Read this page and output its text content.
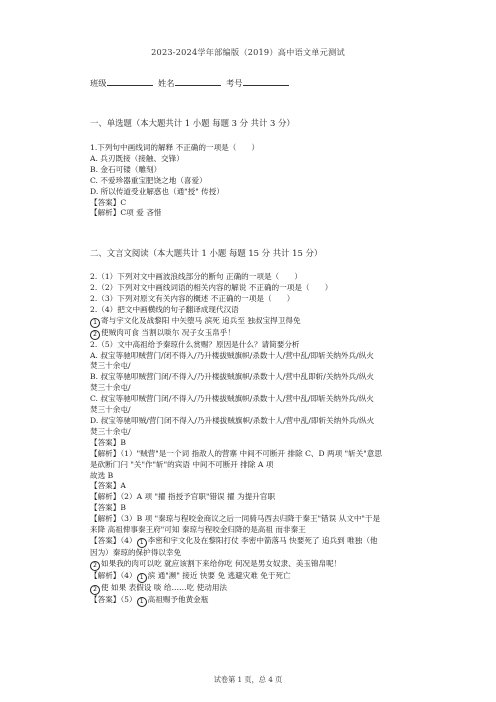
2023-2024学年部编版（2019）高中语文单元测试
班级	姓名	考号
一、单选题（本大题共计 1 小题 每题 3 分 共计 3 分）
1.下列句中画线词的解释 不正确的一项是（　　）
A. 兵刃既接（接触、交锋）
B. 金石可镂（雕刻）
C. 不爱珍器重宝肥饶之地（喜爱）
D. 所以传道受业解惑也（通"授" 传授）
【答案】C
【解析】C项 爱 吝惜
二、文言文阅读（本大题共计 1 小题 每题 15 分 共计 15 分）
2.（1）下列对文中画波浪线部分的断句 正确的一项是（　　）
2.（2）下列对文中画线词语的相关内容的解说 不正确的一项是（　　）
2.（3）下列对原文有关内容的概述 不正确的一项是（　　）
2.（4）把文中画横线的句子翻译成现代汉语
1 寄与宇文化及战黎阳 中矢堕马 滨死 追兵至 独叔宝捍卫得免
2 使贼肉可食 当割以啖尔 况子女玉帛乎！
2.（5）文中高祖给予秦琼什么赏赐？原因是什么？请简要分析
A. 叔宝等驰叩贼营门/闭不得入/乃升楼拔贼旗帜/杀数十人/营中乱/即斩关纳外兵/纵火
焚三十余屯/
B. 叔宝等驰叩贼营门闭/不得入/乃升楼拔贼旗帜/杀数十人/营中乱即斩/关纳外兵/纵火
焚三十余屯/
C. 叔宝等驰叩贼营门闭/不得入/乃升楼拔贼旗帜/杀数十人/营中乱/即斩关纳外兵/纵火
焚三十余屯/
D. 叔宝等驰叩贼/营门闭不得入/乃升楼拔贼旗帜/杀数十人/营中乱/即斩关纳外兵/纵火
焚三十余屯/
【答案】B
【解析】（1）"贼营"是一个词 指敌人的营寨 中间不可断开 排除 C、D 两项 "斩关"意思
是砍断门闩 "关"作"斩"的宾语 中间不可断开 排除 A 项
故选 B
【答案】A
【解析】（2）A 项 "擢 指授予官职"错误 擢 为提升官职
【答案】B
【解析】（3）B 项 "秦琼与程咬金商议之后一同骑马西去归降于秦王"错误 从文中"于是
来降 高祖俾事秦王府"可知 秦琼与程咬金归降的是高祖 而非秦王
【答案】（4） 1 李密和宇文化及在黎阳打仗 李密中箭落马 快要死了 追兵到 唯独（他
因为）秦琼的保护得以幸免
2 如果我的肉可以吃 就应该割下来给你吃 何况是男女奴隶、美玉锦帛呢！
【解析】（4） 1 滨 通"濒" 接近 快要 免 逃避灾难 免于死亡
2 使 如果 表假设 啖 给……吃 使动用法
【答案】（5） 1 高祖赐予他黄金瓶
试卷第 1 页，总 4 页
